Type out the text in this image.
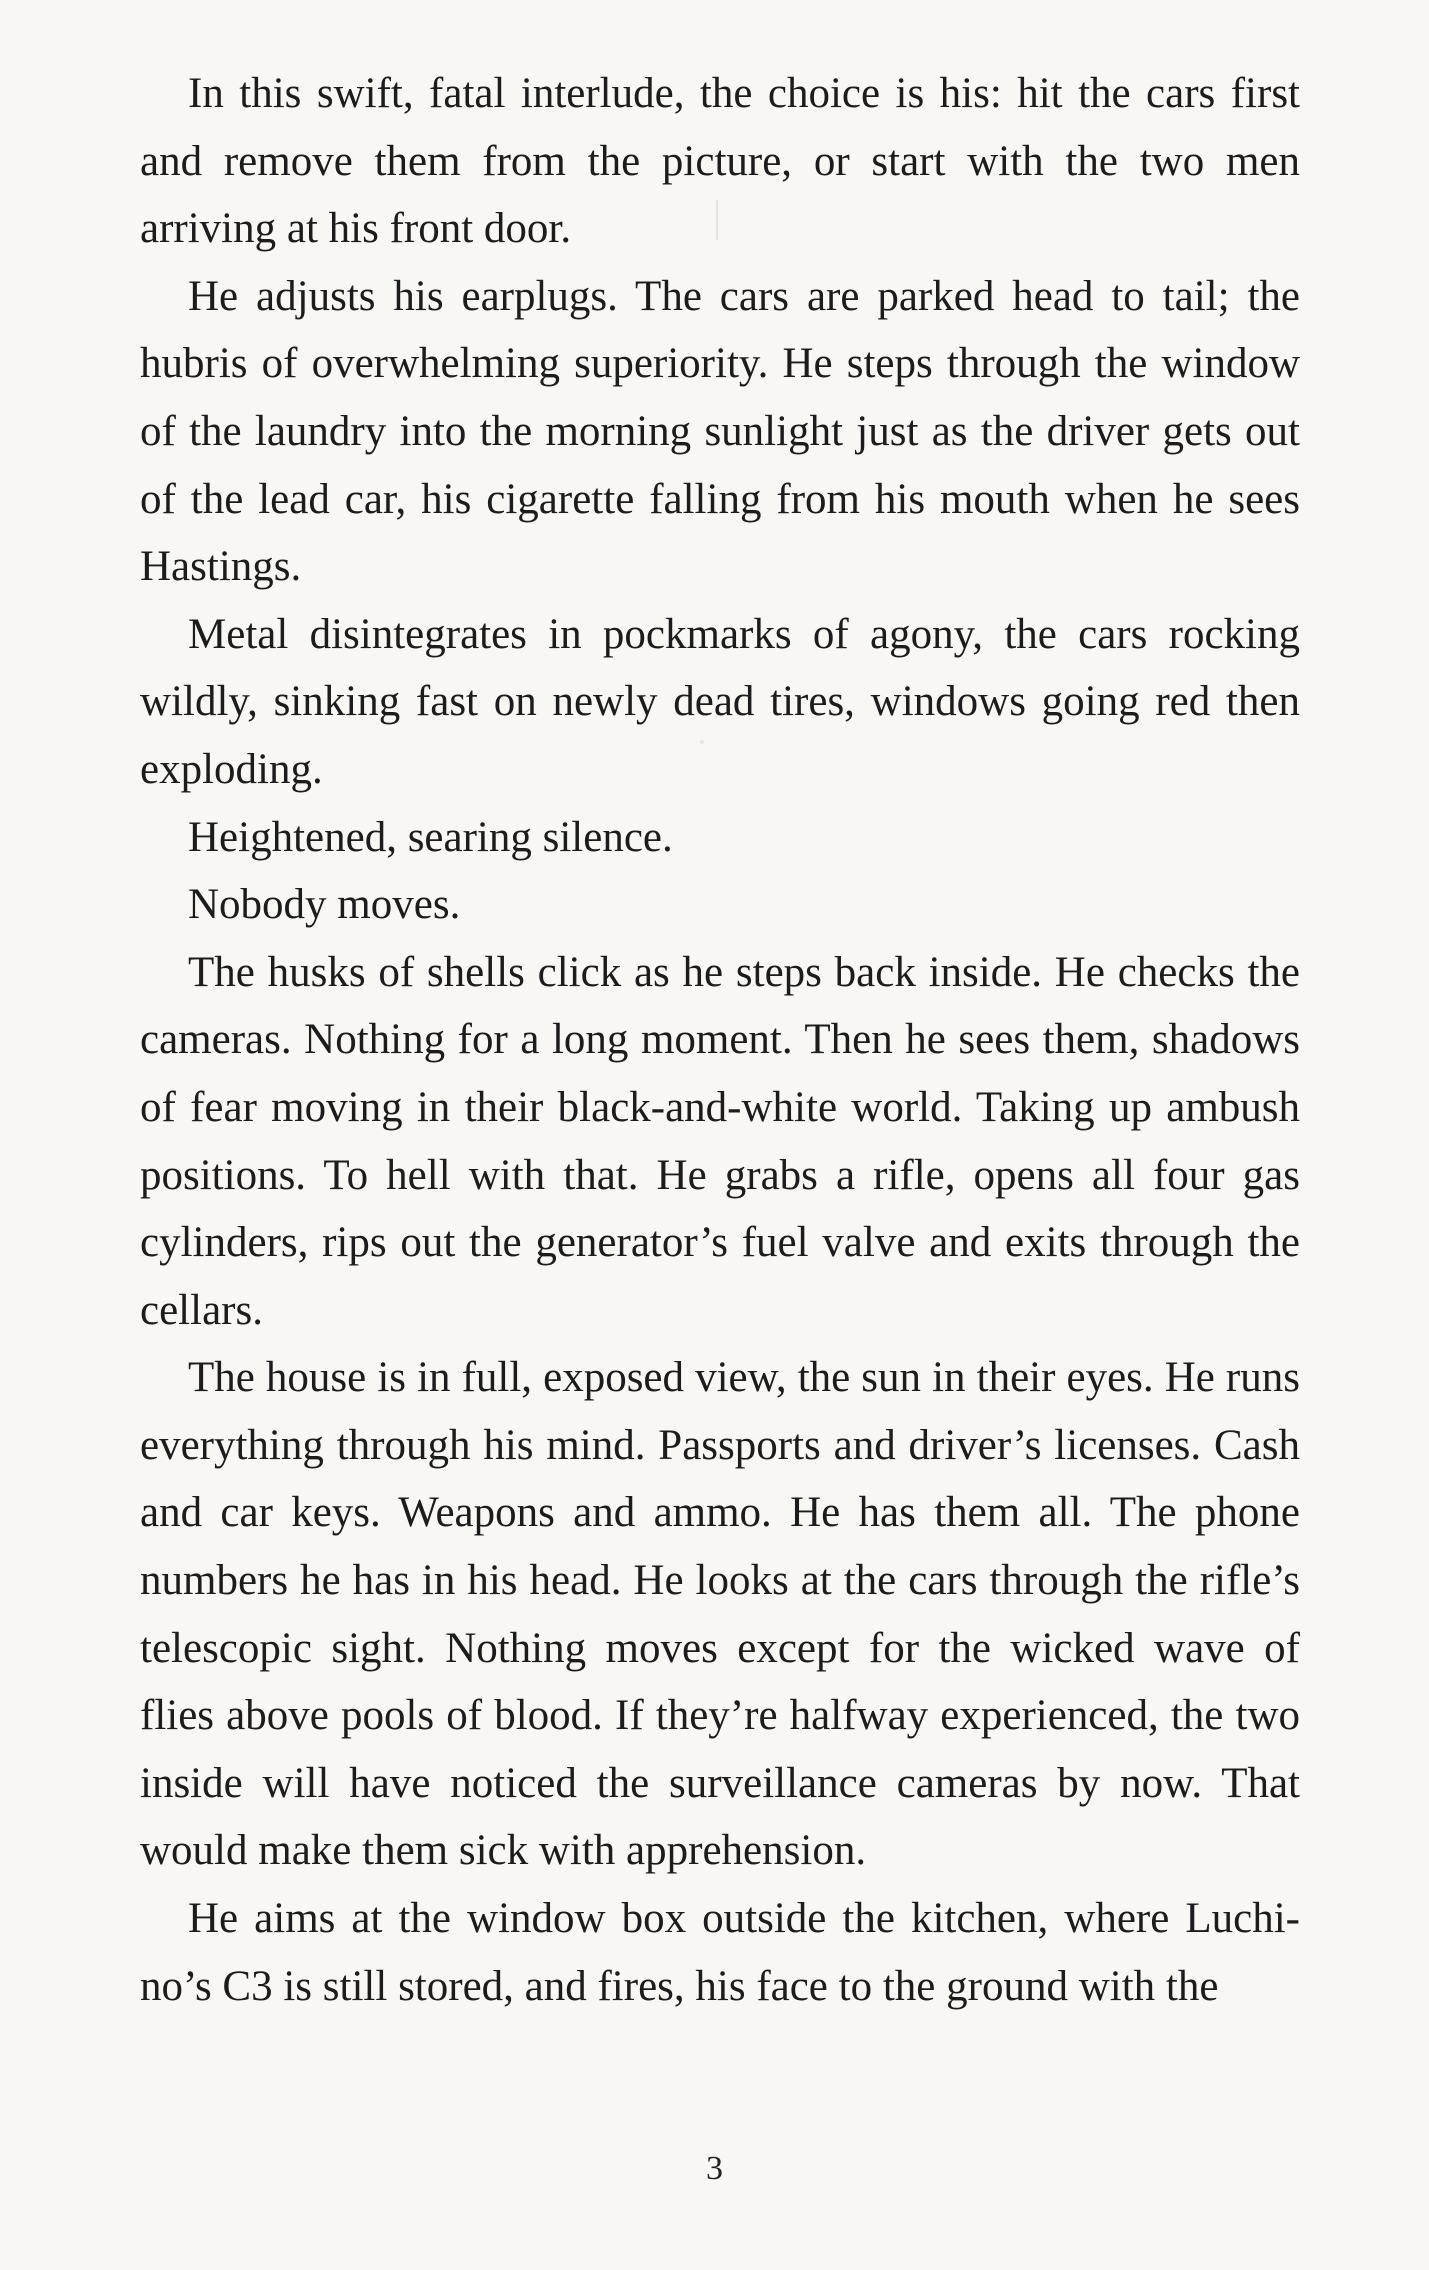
In this swift, fatal interlude, the choice is his: hit the cars first and remove them from the picture, or start with the two men arriving at his front door.

He adjusts his earplugs. The cars are parked head to tail; the hubris of overwhelming superiority. He steps through the window of the laundry into the morning sunlight just as the driver gets out of the lead car, his cigarette falling from his mouth when he sees Hastings.

Metal disintegrates in pockmarks of agony, the cars rocking wildly, sinking fast on newly dead tires, windows going red then exploding.

Heightened, searing silence.

Nobody moves.

The husks of shells click as he steps back inside. He checks the cameras. Nothing for a long moment. Then he sees them, shadows of fear moving in their black-and-white world. Taking up ambush positions. To hell with that. He grabs a rifle, opens all four gas cylinders, rips out the generator’s fuel valve and exits through the cellars.

The house is in full, exposed view, the sun in their eyes. He runs everything through his mind. Passports and driver’s licenses. Cash and car keys. Weapons and ammo. He has them all. The phone numbers he has in his head. He looks at the cars through the rifle’s telescopic sight. Nothing moves except for the wicked wave of flies above pools of blood. If they’re halfway experienced, the two inside will have noticed the surveillance cameras by now. That would make them sick with apprehension.

He aims at the window box outside the kitchen, where Luchino’s C3 is still stored, and fires, his face to the ground with the

3
